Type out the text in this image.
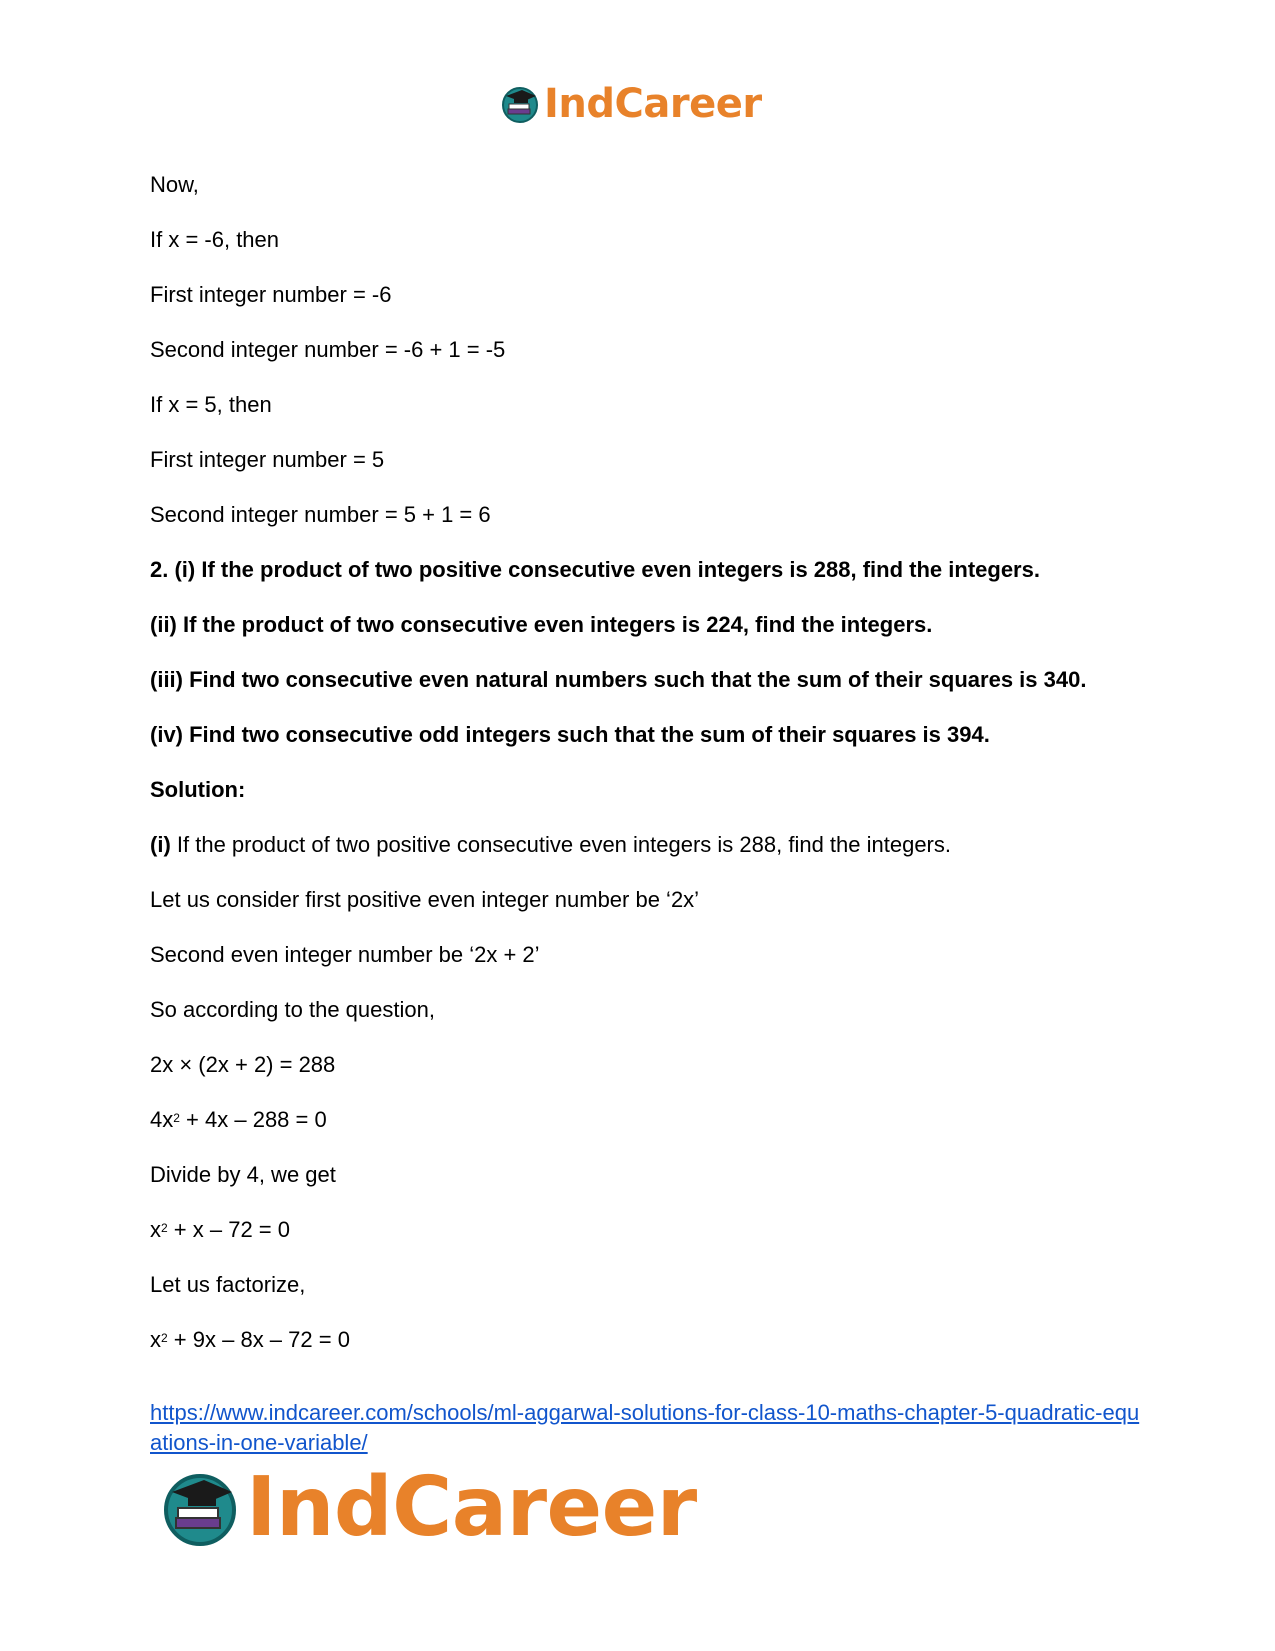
IndCareer
Now,
If x = -6, then
First integer number = -6
Second integer number = -6 + 1 = -5
If x = 5, then
First integer number = 5
Second integer number = 5 + 1 = 6
2. (i) If the product of two positive consecutive even integers is 288, find the integers.
(ii) If the product of two consecutive even integers is 224, find the integers.
(iii) Find two consecutive even natural numbers such that the sum of their squares is 340.
(iv) Find two consecutive odd integers such that the sum of their squares is 394.
Solution:
(i) If the product of two positive consecutive even integers is 288, find the integers.
Let us consider first positive even integer number be ‘2x’
Second even integer number be ‘2x + 2’
So according to the question,
2x × (2x + 2) = 288
$4x^2 + 4x - 288 = 0$
Divide by 4, we get
$x^2 + x - 72 = 0$
Let us factorize,
$x^2 + 9x - 8x - 72 = 0$
https://www.indcareer.com/schools/ml-aggarwal-solutions-for-class-10-maths-chapter-5-quadratic-equations-in-one-variable/
IndCareer
